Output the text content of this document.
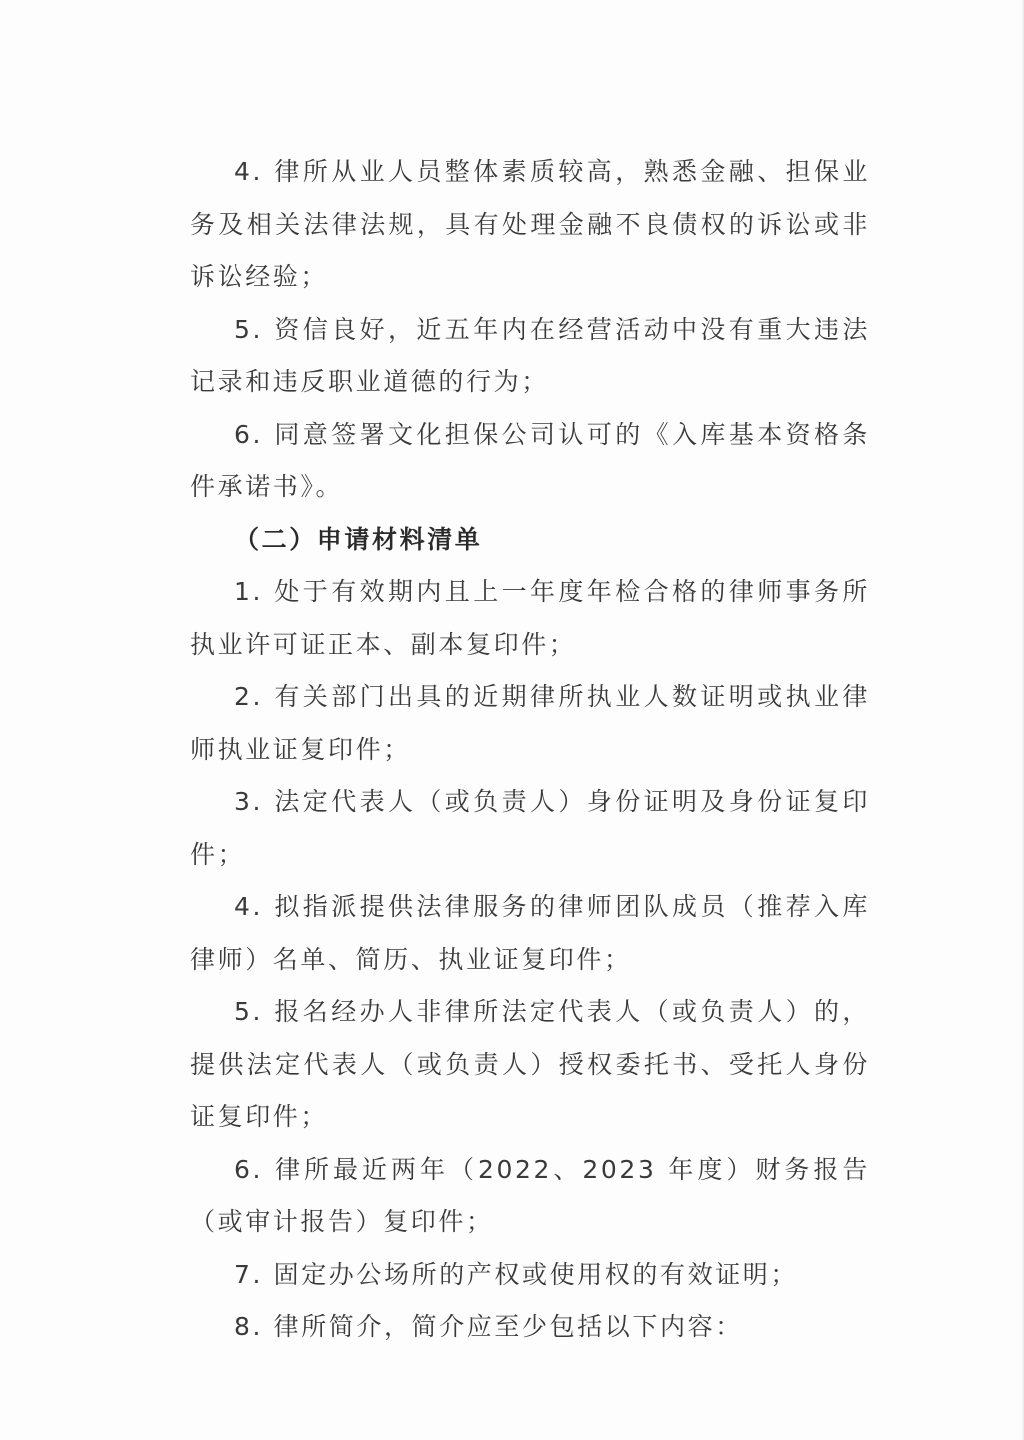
4. 律所从业人员整体素质较高，熟悉金融、担保业务及相关法律法规，具有处理金融不良债权的诉讼或非诉讼经验；

5. 资信良好，近五年内在经营活动中没有重大违法记录和违反职业道德的行为；

6. 同意签署文化担保公司认可的《入库基本资格条件承诺书》。

（二）申请材料清单

1. 处于有效期内且上一年度年检合格的律师事务所执业许可证正本、副本复印件；

2. 有关部门出具的近期律所执业人数证明或执业律师执业证复印件；

3. 法定代表人（或负责人）身份证明及身份证复印件；

4. 拟指派提供法律服务的律师团队成员（推荐入库律师）名单、简历、执业证复印件；

5. 报名经办人非律所法定代表人（或负责人）的，提供法定代表人（或负责人）授权委托书、受托人身份证复印件；

6. 律所最近两年（2022、2023 年度）财务报告（或审计报告）复印件；

7. 固定办公场所的产权或使用权的有效证明；

8. 律所简介，简介应至少包括以下内容：
